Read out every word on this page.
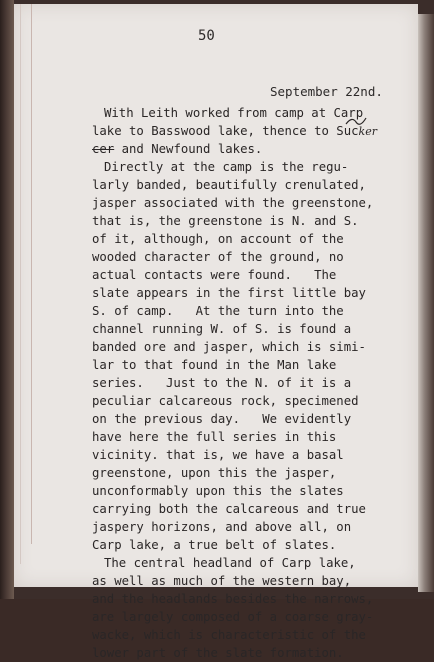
50
September 22nd.
With Leith worked from camp at Carp
lake to Basswood lake, thence to Sucker
cer and Newfound lakes.
Directly at the camp is the regu-
larly banded, beautifully crenulated,
jasper associated with the greenstone,
that is, the greenstone is N. and S.
of it, although, on account of the
wooded character of the ground, no
actual contacts were found.   The
slate appears in the first little bay
S. of camp.   At the turn into the
channel running W. of S. is found a
banded ore and jasper, which is simi-
lar to that found in the Man lake
series.   Just to the N. of it is a
peculiar calcareous rock, specimened
on the previous day.   We evidently
have here the full series in this
vicinity. that is, we have a basal
greenstone, upon this the jasper,
unconformably upon this the slates
carrying both the calcareous and true
jaspery horizons, and above all, on
Carp lake, a true belt of slates.
The central headland of Carp lake,
as well as much of the western bay,
and the headlands besides the narrows,
are largely composed of a coarse gray-
wacke, which is characteristic of the
lower part of the slate formation.
